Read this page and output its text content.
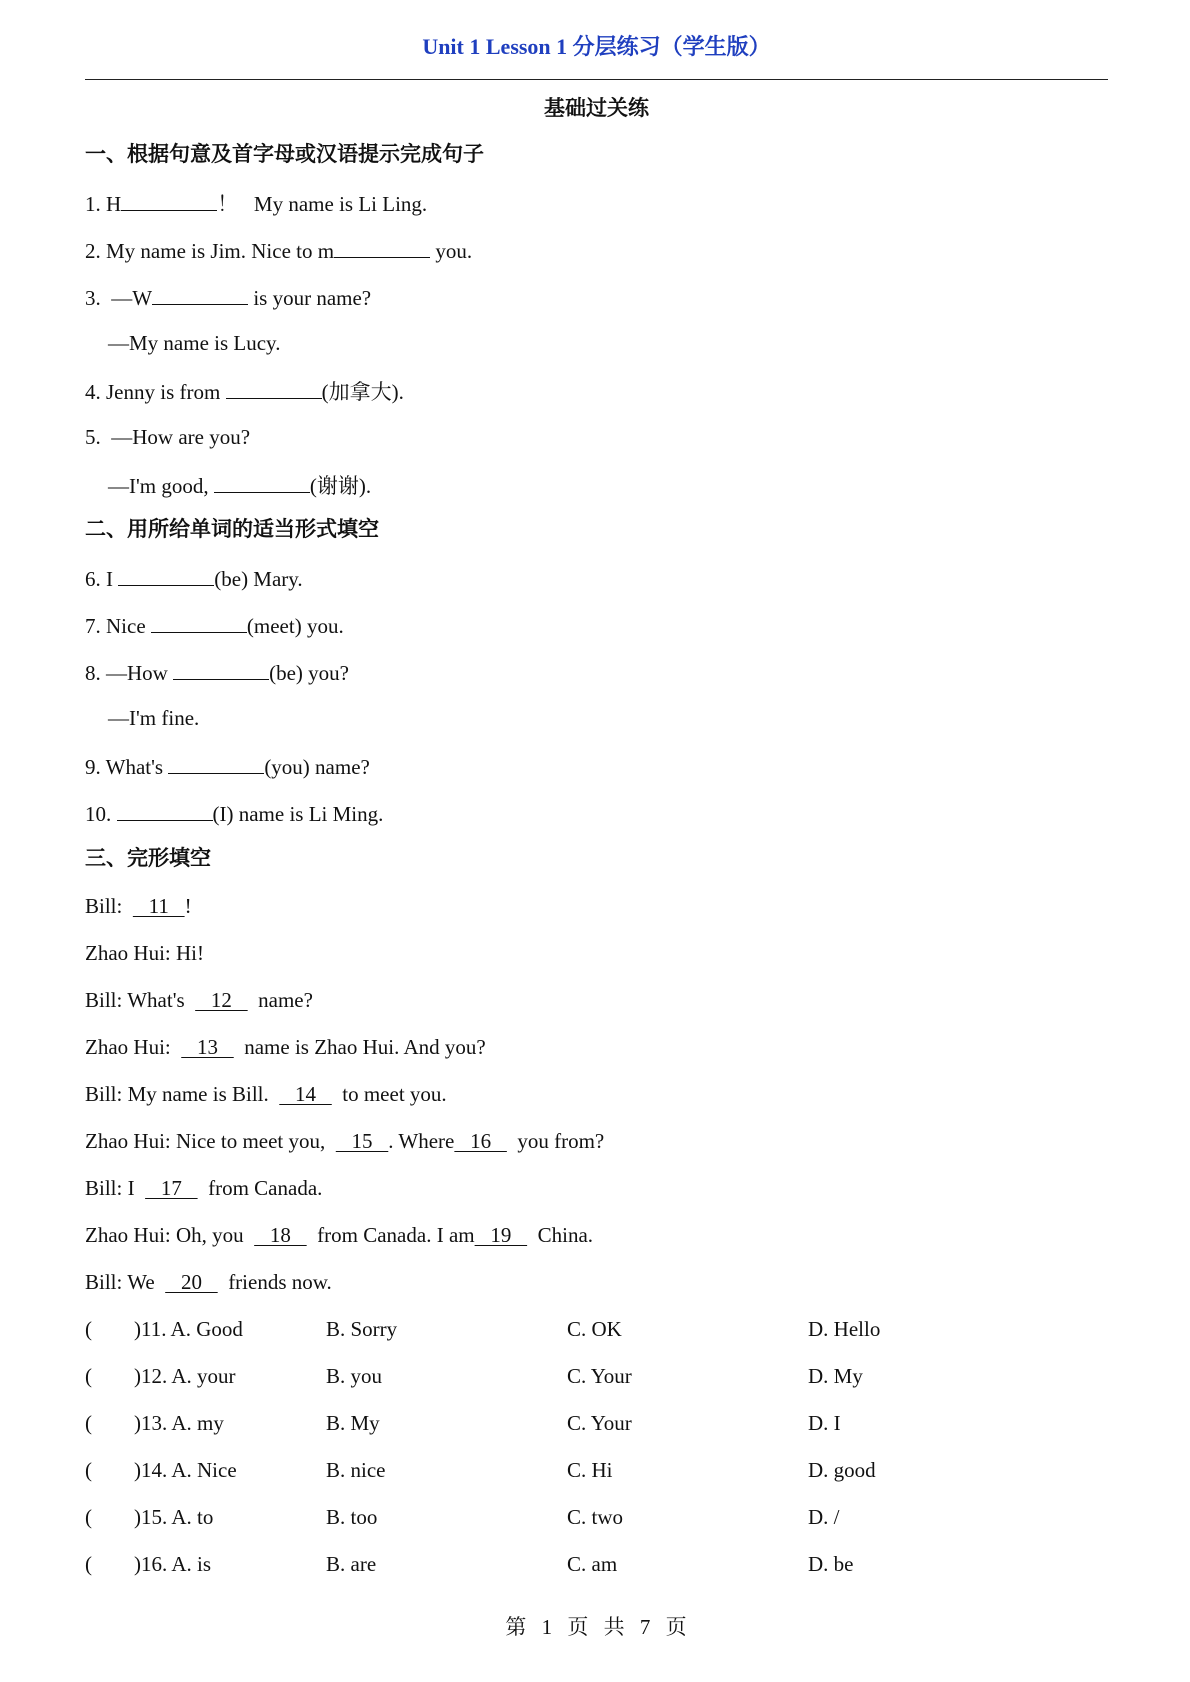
Unit 1 Lesson 1 分层练习（学生版）
基础过关练
一、根据句意及首字母或汉语提示完成句子
1. H	！   My name is Li Ling.
2. My name is Jim. Nice to m	you.
3.  —W	is your name?
—My name is Lucy.
4. Jenny is from	(加拿大).
5.  —How are you?
—I'm good,	(谢谢).
二、用所给单词的适当形式填空
6. I	(be) Mary.
7. Nice	(meet) you.
8. —How	(be) you?
—I'm fine.
9. What's	(you) name?
10.	(I) name is Li Ming.
三、完形填空
Bill:     11   !
Zhao Hui: Hi!
Bill: What's     12     name?
Zhao Hui:     13     name is Zhao Hui. And you?
Bill: My name is Bill.     14     to meet you.
Zhao Hui: Nice to meet you,     15   . Where   16     you from?
Bill: I     17     from Canada.
Zhao Hui: Oh, you     18     from Canada. I am   19     China.
Bill: We     20     friends now.
(        )11. A. Good	B. Sorry	C. OK	D. Hello
(        )12. A. your	B. you	C. Your	D. My
(        )13. A. my	B. My	C. Your	D. I
(        )14. A. Nice	B. nice	C. Hi	D. good
(        )15. A. to	B. too	C. two	D. /
(        )16. A. is	B. are	C. am	D. be
第 1 页 共 7 页
